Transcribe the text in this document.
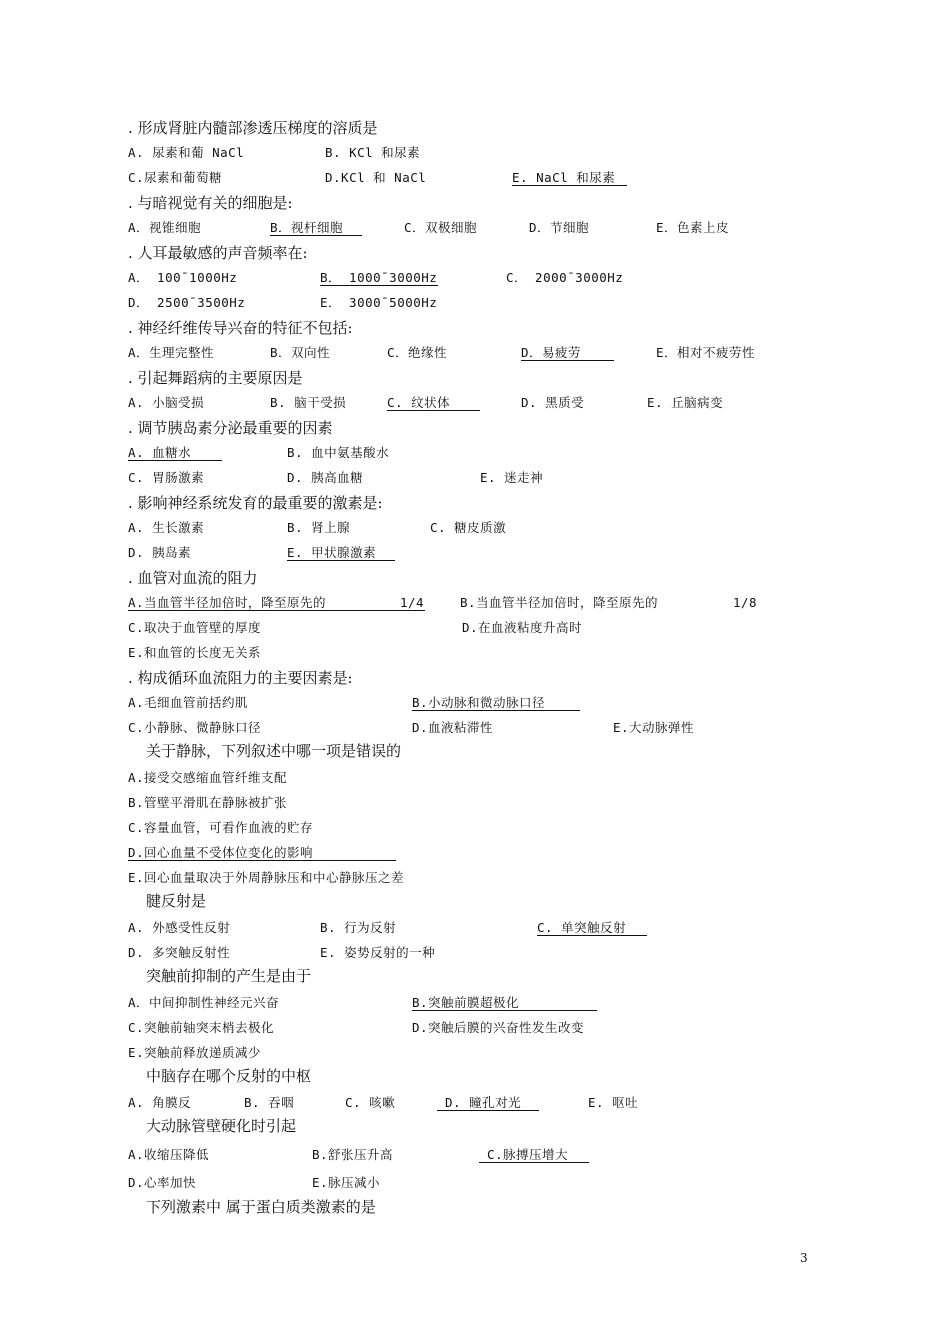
. 形成肾脏内髓部渗透压梯度的溶质是
A. 尿素和葡 NaCl	B. KCl 和尿素
C.尿素和葡萄糖	D.KCl 和 NaCl	E. NaCl 和尿素
. 与暗视觉有关的细胞是:
A．视锥细胞	B．视杆细胞	C．双极细胞	D．节细胞	E．色素上皮
. 人耳最敏感的声音频率在:
A． 100¯1000Hz	B． 1000¯3000Hz	C． 2000¯3000Hz
D． 2500¯3500Hz	E． 3000¯5000Hz
. 神经纤维传导兴奋的特征不包括:
A．生理完整性	B．双向性	C．绝缘性	D．易疲劳	E．相对不疲劳性
. 引起舞蹈病的主要原因是
A. 小脑受损	B. 脑干受损	C. 纹状体	D. 黑质受	E. 丘脑病变
. 调节胰岛素分泌最重要的因素
A. 血糖水	B. 血中氨基酸水
C. 胃肠激素	D. 胰高血糖	E. 迷走神
. 影响神经系统发育的最重要的激素是:
A. 生长激素	B. 肾上腺	C. 糖皮质激
D. 胰岛素	E. 甲状腺激素
. 血管对血流的阻力
A.当血管半径加倍时，降至原先的	1/4	B.当血管半径加倍时，降至原先的	1/8
C.取决于血管壁的厚度	D.在血液粘度升高时
E.和血管的长度无关系
. 构成循环血流阻力的主要因素是:
A.毛细血管前括约肌	B.小动脉和微动脉口径
C.小静脉、微静脉口径	D.血液粘滞性	E.大动脉弹性
关于静脉，下列叙述中哪一项是错误的
A.接受交感缩血管纤维支配
B.管壁平滑肌在静脉被扩张
C.容量血管，可看作血液的贮存
D.回心血量不受体位变化的影响
E.回心血量取决于外周静脉压和中心静脉压之差
腱反射是
A. 外感受性反射	B. 行为反射	C. 单突触反射
D. 多突触反射性	E. 姿势反射的一种
突触前抑制的产生是由于
A．中间抑制性神经元兴奋	B.突触前膜超极化
C.突触前轴突末梢去极化	D.突触后膜的兴奋性发生改变
E.突触前释放递质减少
中脑存在哪个反射的中枢
A. 角膜反	B. 吞咽	C. 咳嗽	D. 瞳孔对光	E. 呕吐
大动脉管壁硬化时引起
A.收缩压降低	B.舒张压升高	C.脉搏压增大
D.心率加快	E.脉压减小
下列激素中 属于蛋白质类激素的是
3
